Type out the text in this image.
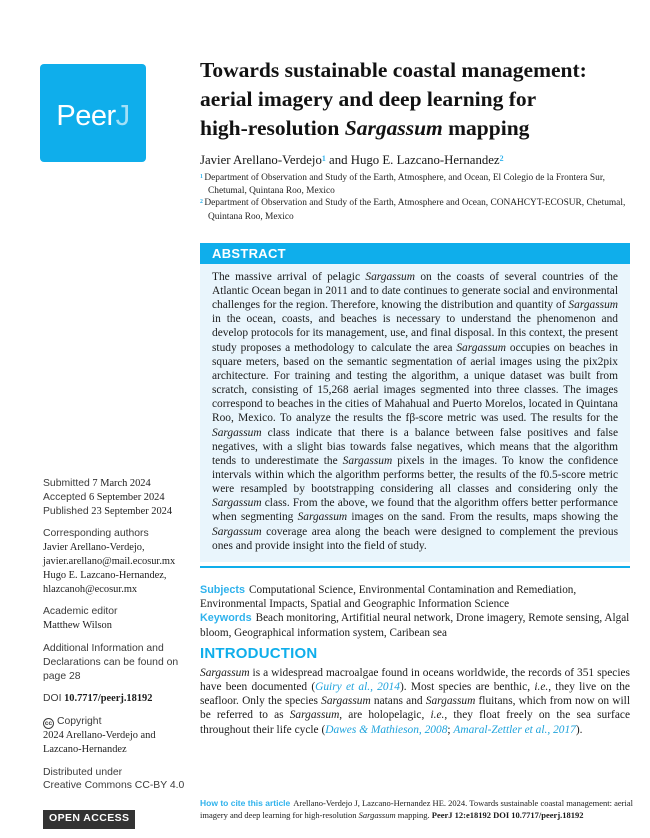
PeerJ
Towards sustainable coastal management:
aerial imagery and deep learning for
high-resolution Sargassum mapping
Javier Arellano-Verdejo$^1$ and Hugo E. Lazcano-Hernandez$^2$
$^1$ Department of Observation and Study of the Earth, Atmosphere, and Ocean, El Colegio de la Frontera Sur, Chetumal, Quintana Roo, Mexico
$^2$ Department of Observation and Study of the Earth, Atmosphere and Ocean, CONAHCYT-ECOSUR, Chetumal, Quintana Roo, Mexico
ABSTRACT
The massive arrival of pelagic Sargassum on the coasts of several countries of the Atlantic Ocean began in 2011 and to date continues to generate social and environmental challenges for the region. Therefore, knowing the distribution and quantity of Sargassum in the ocean, coasts, and beaches is necessary to understand the phenomenon and develop protocols for its management, use, and final disposal. In this context, the present study proposes a methodology to calculate the area Sargassum occupies on beaches in square meters, based on the semantic segmentation of aerial images using the pix2pix architecture. For training and testing the algorithm, a unique dataset was built from scratch, consisting of 15,268 aerial images segmented into three classes. The images correspond to beaches in the cities of Mahahual and Puerto Morelos, located in Quintana Roo, Mexico. To analyze the results the fβ-score metric was used. The results for the Sargassum class indicate that there is a balance between false positives and false negatives, with a slight bias towards false negatives, which means that the algorithm tends to underestimate the Sargassum pixels in the images. To know the confidence intervals within which the algorithm performs better, the results of the f0.5-score metric were resampled by bootstrapping considering all classes and considering only the Sargassum class. From the above, we found that the algorithm offers better performance when segmenting Sargassum images on the sand. From the results, maps showing the Sargassum coverage area along the beach were designed to complement the previous ones and provide insight into the field of study.
Subjects Computational Science, Environmental Contamination and Remediation, Environmental Impacts, Spatial and Geographic Information Science
Keywords Beach monitoring, Artifitial neural network, Drone imagery, Remote sensing, Algal bloom, Geographical information system, Caribean sea
INTRODUCTION
Sargassum is a widespread macroalgae found in oceans worldwide, the records of 351 species have been documented (Guiry et al., 2014). Most species are benthic, i.e., they live on the seafloor. Only the species Sargassum natans and Sargassum fluitans, which from now on will be referred to as Sargassum, are holopelagic, i.e., they float freely on the sea surface throughout their life cycle (Dawes & Mathieson, 2008; Amaral-Zettler et al., 2017).
Submitted 7 March 2024
Accepted 6 September 2024
Published 23 September 2024
Corresponding authors
Javier Arellano-Verdejo,
javier.arellano@mail.ecosur.mx
Hugo E. Lazcano-Hernandez,
hlazcanoh@ecosur.mx
Academic editor
Matthew Wilson
Additional Information and Declarations can be found on page 28
DOI 10.7717/peerj.18192
cc Copyright
2024 Arellano-Verdejo and Lazcano-Hernandez
Distributed under
Creative Commons CC-BY 4.0
OPEN ACCESS
How to cite this article Arellano-Verdejo J, Lazcano-Hernandez HE. 2024. Towards sustainable coastal management: aerial imagery and deep learning for high-resolution Sargassum mapping. PeerJ 12:e18192 DOI 10.7717/peerj.18192
